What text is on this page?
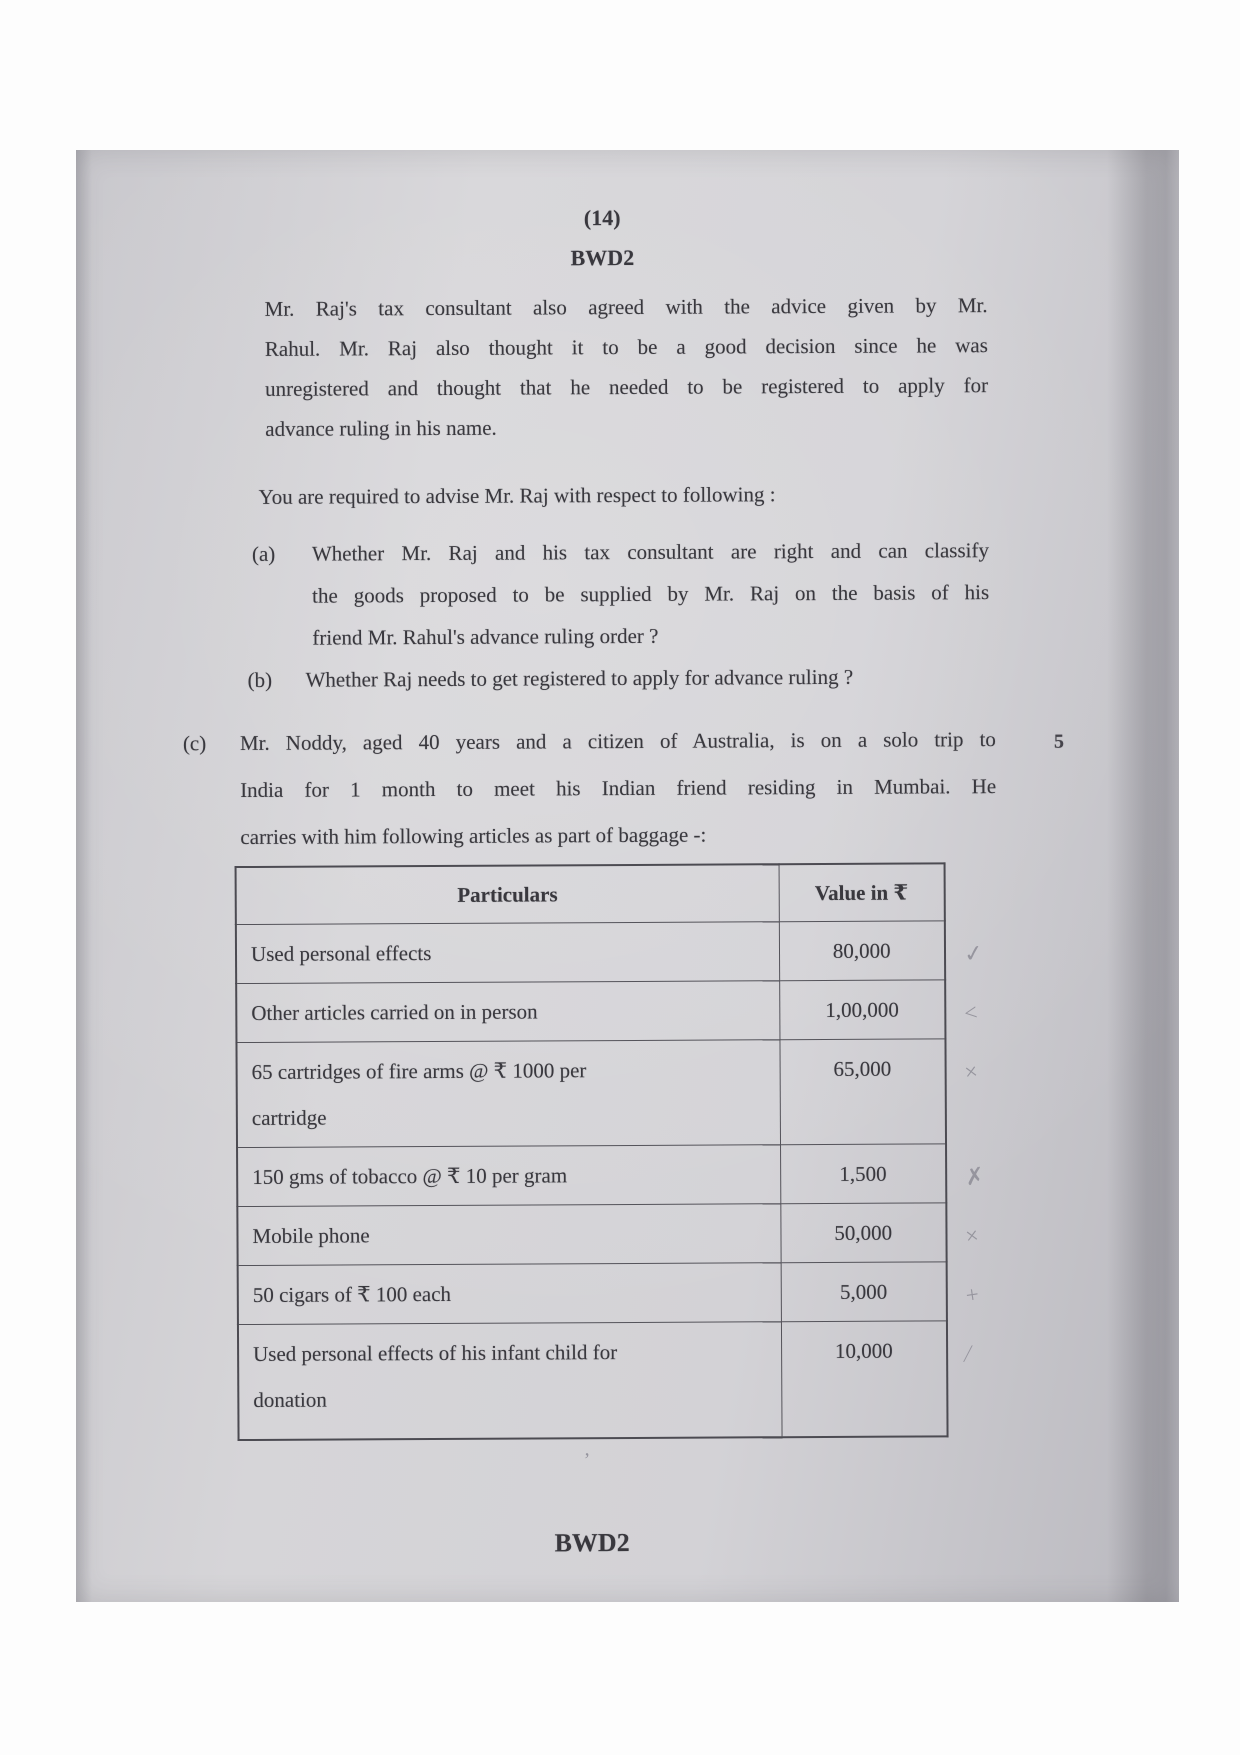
(14)
BWD2
Mr. Raj's tax consultant also agreed with the advice given by Mr.
Rahul. Mr. Raj also thought it to be a good decision since he was
unregistered and thought that he needed to be registered to apply for
advance ruling in his name.
You are required to advise Mr. Raj with respect to following :
(a)	Whether Mr. Raj and his tax consultant are right and can classify
the goods proposed to be supplied by Mr. Raj on the basis of his
friend Mr. Rahul's advance ruling order ?
(b)	Whether Raj needs to get registered to apply for advance ruling ?
(c)	Mr. Noddy, aged 40 years and a citizen of Australia, is on a solo trip to
India for 1 month to meet his Indian friend residing in Mumbai. He
carries with him following articles as part of baggage -:
5
Particulars	Value in ₹

Used personal effects	80,000 ✓

Other articles carried on in person	1,00,000 <

65 cartridges of fire arms @ ₹ 1000 per
cartridge
	65,000	×

150 gms of tobacco @ ₹ 10 per gram	1,500 ✗

Mobile phone	50,000 ×

50 cigars of ₹ 100 each	5,000 +

Used personal effects of his infant child for
donation
	10,000	∕
,
BWD2
